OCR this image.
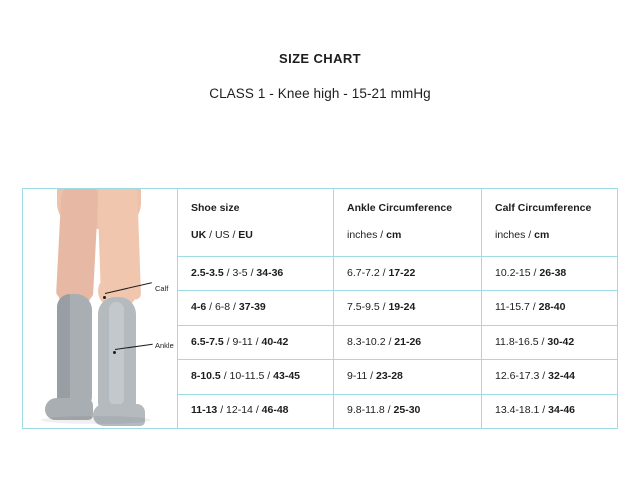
SIZE CHART
CLASS 1 - Knee high - 15-21 mmHg
Calf
Ankle
Shoe size
UK / US / EU
Ankle Circumference
inches / cm
Calf Circumference
inches / cm
2.5-3.5 / 3-5 / 34-36	6.7-7.2 / 17-22	10.2-15 / 26-38
4-6 / 6-8 / 37-39	7.5-9.5 / 19-24	11-15.7 / 28-40
6.5-7.5 / 9-11 / 40-42	8.3-10.2 / 21-26	11.8-16.5 / 30-42
8-10.5 / 10-11.5 / 43-45	9-11 / 23-28	12.6-17.3 / 32-44
11-13 / 12-14 / 46-48	9.8-11.8 / 25-30	13.4-18.1 / 34-46
